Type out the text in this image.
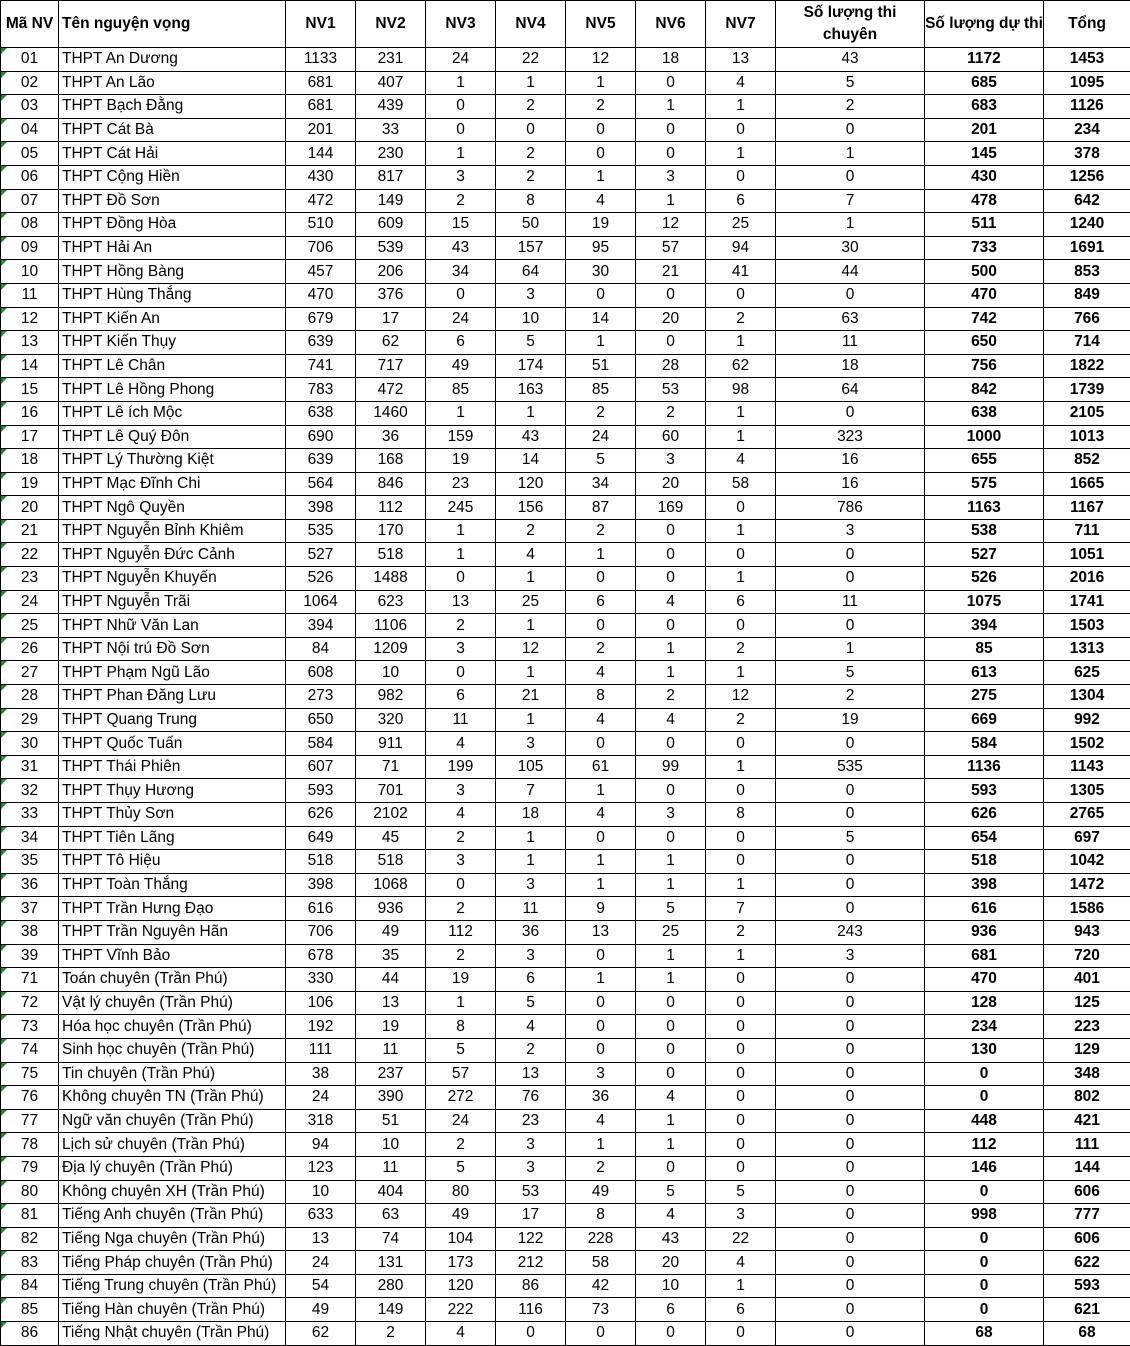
Mã NV	Tên nguyện vọng	NV1	NV2	NV3	NV4	NV5	NV6	NV7	Số lượng thi chuyên	Số lượng dự thi	Tổng
01	THPT An Dương	1133	231	24	22	12	18	13	43	1172	1453
02	THPT An Lão	681	407	1	1	1	0	4	5	685	1095
03	THPT Bạch Đằng	681	439	0	2	2	1	1	2	683	1126
04	THPT Cát Bà	201	33	0	0	0	0	0	0	201	234
05	THPT Cát Hải	144	230	1	2	0	0	1	1	145	378
06	THPT Cộng Hiền	430	817	3	2	1	3	0	0	430	1256
07	THPT Đồ Sơn	472	149	2	8	4	1	6	7	478	642
08	THPT Đồng Hòa	510	609	15	50	19	12	25	1	511	1240
09	THPT Hải An	706	539	43	157	95	57	94	30	733	1691
10	THPT Hồng Bàng	457	206	34	64	30	21	41	44	500	853
11	THPT Hùng Thắng	470	376	0	3	0	0	0	0	470	849
12	THPT Kiến An	679	17	24	10	14	20	2	63	742	766
13	THPT Kiến Thụy	639	62	6	5	1	0	1	11	650	714
14	THPT Lê Chân	741	717	49	174	51	28	62	18	756	1822
15	THPT Lê Hồng Phong	783	472	85	163	85	53	98	64	842	1739
16	THPT Lê ích Mộc	638	1460	1	1	2	2	1	0	638	2105
17	THPT Lê Quý Đôn	690	36	159	43	24	60	1	323	1000	1013
18	THPT Lý Thường Kiệt	639	168	19	14	5	3	4	16	655	852
19	THPT Mạc Đĩnh Chi	564	846	23	120	34	20	58	16	575	1665
20	THPT Ngô Quyền	398	112	245	156	87	169	0	786	1163	1167
21	THPT Nguyễn Bỉnh Khiêm	535	170	1	2	2	0	1	3	538	711
22	THPT Nguyễn Đức Cảnh	527	518	1	4	1	0	0	0	527	1051
23	THPT Nguyễn Khuyến	526	1488	0	1	0	0	1	0	526	2016
24	THPT Nguyễn Trãi	1064	623	13	25	6	4	6	11	1075	1741
25	THPT Nhữ Văn Lan	394	1106	2	1	0	0	0	0	394	1503
26	THPT Nội trú Đồ Sơn	84	1209	3	12	2	1	2	1	85	1313
27	THPT Phạm Ngũ Lão	608	10	0	1	4	1	1	5	613	625
28	THPT Phan Đăng Lưu	273	982	6	21	8	2	12	2	275	1304
29	THPT Quang Trung	650	320	11	1	4	4	2	19	669	992
30	THPT Quốc Tuấn	584	911	4	3	0	0	0	0	584	1502
31	THPT Thái Phiên	607	71	199	105	61	99	1	535	1136	1143
32	THPT Thụy Hương	593	701	3	7	1	0	0	0	593	1305
33	THPT Thủy Sơn	626	2102	4	18	4	3	8	0	626	2765
34	THPT Tiên Lãng	649	45	2	1	0	0	0	5	654	697
35	THPT Tô Hiệu	518	518	3	1	1	1	0	0	518	1042
36	THPT Toàn Thắng	398	1068	0	3	1	1	1	0	398	1472
37	THPT Trần Hưng Đạo	616	936	2	11	9	5	7	0	616	1586
38	THPT Trần Nguyên Hãn	706	49	112	36	13	25	2	243	936	943
39	THPT Vĩnh Bảo	678	35	2	3	0	1	1	3	681	720
71	Toán chuyên (Trần Phú)	330	44	19	6	1	1	0	0	470	401
72	Vật lý chuyên (Trần Phú)	106	13	1	5	0	0	0	0	128	125
73	Hóa học chuyên (Trần Phú)	192	19	8	4	0	0	0	0	234	223
74	Sinh học chuyên (Trần Phú)	111	11	5	2	0	0	0	0	130	129
75	Tin chuyên (Trần Phú)	38	237	57	13	3	0	0	0	0	348
76	Không chuyên TN (Trần Phú)	24	390	272	76	36	4	0	0	0	802
77	Ngữ văn chuyên (Trần Phú)	318	51	24	23	4	1	0	0	448	421
78	Lịch sử chuyên (Trần Phú)	94	10	2	3	1	1	0	0	112	111
79	Địa lý chuyên (Trần Phú)	123	11	5	3	2	0	0	0	146	144
80	Không chuyên XH (Trần Phú)	10	404	80	53	49	5	5	0	0	606
81	Tiếng Anh chuyên (Trần Phú)	633	63	49	17	8	4	3	0	998	777
82	Tiếng Nga chuyên (Trần Phú)	13	74	104	122	228	43	22	0	0	606
83	Tiếng Pháp chuyên (Trần Phú)	24	131	173	212	58	20	4	0	0	622
84	Tiếng Trung chuyên (Trần Phú)	54	280	120	86	42	10	1	0	0	593
85	Tiếng Hàn chuyên (Trần Phú)	49	149	222	116	73	6	6	0	0	621
86	Tiếng Nhật chuyên (Trần Phú)	62	2	4	0	0	0	0	0	68	68
